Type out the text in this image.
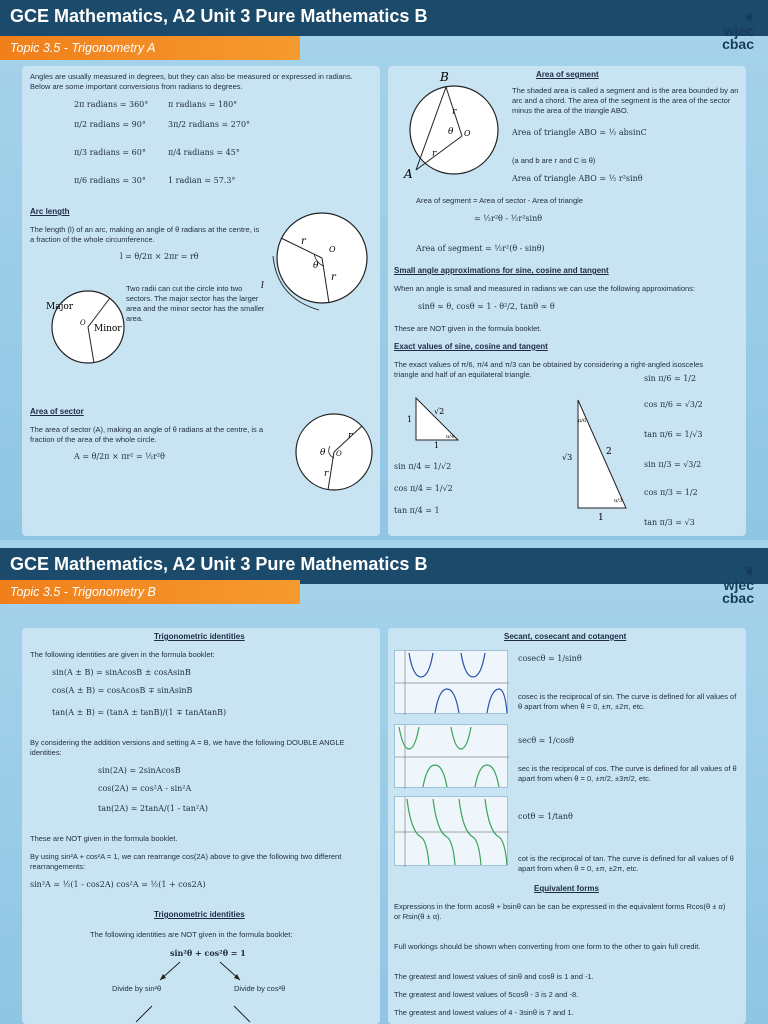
GCE Mathematics, A2 Unit 3 Pure Mathematics B	❦
wjec
cbac
Topic 3.5 - Trigonometry A
Angles are usually measured in degrees, but they can also be measured or expressed in radians. Below are some important conversions from radians to degrees.
2π radians = 360° π radians = 180°
π/2 radians = 90°	3π/2 radians = 270°
π/3 radians = 60°	π/4 radians = 45°
π/6 radians = 30°	1 radian = 57.3°
Arc length
The length (l) of an arc, making an angle of θ radians at the centre, is a fraction of the whole circumference.
l = θ/2π × 2πr = rθ
r
O
θ
r
l
Major
O
Minor
Two radii can cut the circle into two sectors. The major sector has the larger area and the minor sector has the smaller area.
Area of sector
The area of sector (A), making an angle of θ radians at the centre, is a fraction of the area of the whole circle.
A = θ/2π × πr² = ½r²θ
r
θ O
r
B
A
O
θ
r
r
Area of segment
The shaded area is called a segment and is the area bounded by an arc and a chord. The area of the segment is the area of the sector minus the area of the triangle ABO.
Area of triangle ABO = ½ absinC
(a and b are r and C is θ)
Area of triangle ABO = ½ r²sinθ
Area of segment = Area of sector - Area of triangle
= ½r²θ - ½r²sinθ
Area of segment = ½r²(θ - sinθ)
Small angle approximations for sine, cosine and tangent
When an angle is small and measured in radians we can use the following approximations:
sinθ ≈ θ, cosθ ≈ 1 - θ²/2, tanθ ≈ θ
These are NOT given in the formula booklet.
Exact values of sine, cosine and tangent
The exact values of π/6, π/4 and π/3 can be obtained by considering a right-angled isosceles triangle and half of an equilateral triangle.
1
√2
1
π/4
sin π/4 = 1/√2
cos π/4 = 1/√2
tan π/4 = 1
√3
2
1
π/6
π/3
sin π/6 = 1/2
cos π/6 = √3/2
tan π/6 = 1/√3
sin π/3 = √3/2
cos π/3 = 1/2
tan π/3 = √3
GCE Mathematics, A2 Unit 3 Pure Mathematics B	❦
wjec
cbac
Topic 3.5 - Trigonometry B
Trigonometric identities
The following identities are given in the formula booklet:
sin(A ± B) = sinAcosB ± cosAsinB
cos(A ± B) = cosAcosB ∓ sinAsinB
tan(A ± B) = (tanA ± tanB)/(1 ∓ tanAtanB)
By considering the addition versions and setting A = B, we have the following DOUBLE ANGLE identities:
sin(2A) = 2sinAcosB
cos(2A) = cos²A - sin²A
tan(2A) = 2tanA/(1 - tan²A)
These are NOT given in the formula booklet.
By using sin²A + cos²A = 1, we can rearrange cos(2A) above to give the following two different rearrangements:
sin²A = ½(1 - cos2A) cos²A = ½(1 + cos2A)
Trigonometric identities
The following identities are NOT given in the formula booklet:
sin²θ + cos²θ = 1
Divide by sin²θ	Divide by cos²θ
Secant, cosecant and cotangent
cosecθ = 1/sinθ
cosec is the reciprocal of sin. The curve is defined for all values of θ apart from when θ = 0, ±π, ±2π, etc.
secθ = 1/cosθ
sec is the reciprocal of cos. The curve is defined for all values of θ apart from when θ = 0, ±π/2, ±3π/2, etc.
cotθ = 1/tanθ
cot is the reciprocal of tan. The curve is defined for all values of θ apart from when θ = 0, ±π, ±2π, etc.
Equivalent forms
Expressions in the form acosθ + bsinθ can be can be expressed in the equivalent forms Rcos(θ ± α) or Rsin(θ ± α).
Full workings should be shown when converting from one form to the other to gain full credit.
The greatest and lowest values of sinθ and cosθ is 1 and -1.
The greatest and lowest values of 5cosθ - 3 is 2 and -8.
The greatest and lowest values of 4 - 3sinθ is 7 and 1.
